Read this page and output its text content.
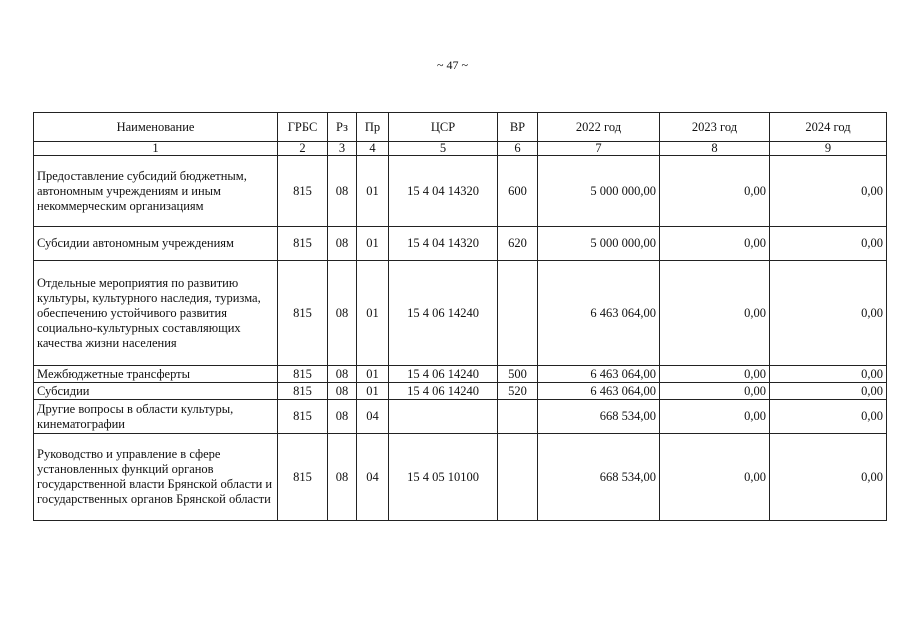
~ 47 ~
Наименование	ГРБС	Рз	Пр	ЦСР	ВР	2022 год	2023 год	2024 год
1	2	3	4	5	6	7	8	9
Предоставление субсидий бюджетным, автономным учреждениям и иным некоммерческим организациям	815	08	01	15 4 04 14320	600	5 000 000,00	0,00	0,00
Субсидии автономным учреждениям	815	08	01	15 4 04 14320	620	5 000 000,00	0,00	0,00
Отдельные мероприятия по развитию культуры, культурного наследия, туризма, обеспечению устойчивого развития социально-культурных составляющих качества жизни населения	815	08	01	15 4 06 14240		6 463 064,00	0,00	0,00
Межбюджетные трансферты	815	08	01	15 4 06 14240	500	6 463 064,00	0,00	0,00
Субсидии	815	08	01	15 4 06 14240	520	6 463 064,00	0,00	0,00
Другие вопросы в области культуры, кинематографии	815	08	04			668 534,00	0,00	0,00
Руководство и управление в сфере установленных функций органов государственной власти Брянской области и государственных органов Брянской области	815	08	04	15 4 05 10100		668 534,00	0,00	0,00
